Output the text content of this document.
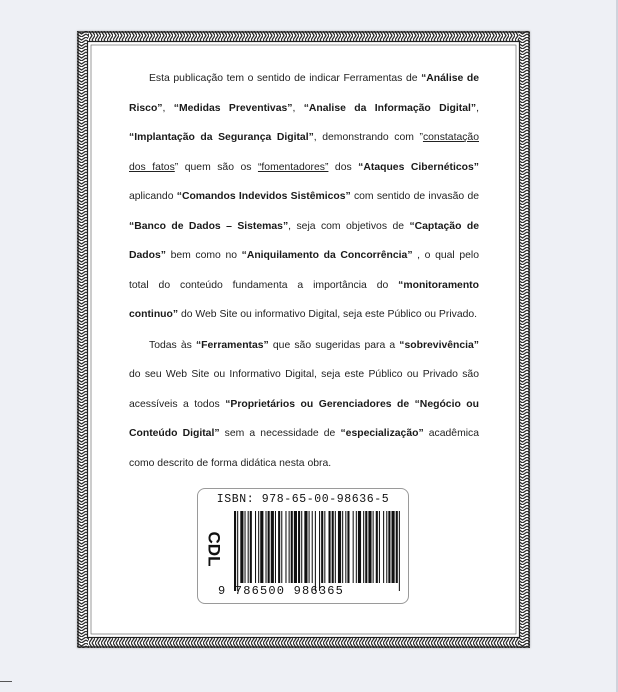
Esta publicação tem o sentido de indicar Ferramentas de “Análise de Risco”, “Medidas Preventivas”, “Analise da Informação Digital”, “Implantação da Segurança Digital”, demonstrando com ”constatação dos fatos” quem são os “fomentadores” dos “Ataques Cibernéticos” aplicando “Comandos Indevidos Sistêmicos” com sentido de invasão de “Banco de Dados – Sistemas”, seja com objetivos de “Captação de Dados” bem como no “Aniquilamento da Concorrência” , o qual pelo total do conteúdo fundamenta a importância do “monitoramento continuo” do Web Site ou informativo Digital, seja este Público ou Privado.

Todas às “Ferramentas” que são sugeridas para a “sobrevivência” do seu Web Site ou Informativo Digital, seja este Público ou Privado são acessíveis a todos “Proprietários ou Gerenciadores de “Negócio ou Conteúdo Digital” sem a necessidade de “especialização” acadêmica como descrito de forma didática nesta obra.

ISBN: 978-65-00-98636-5
CDL
9 786500 986365
